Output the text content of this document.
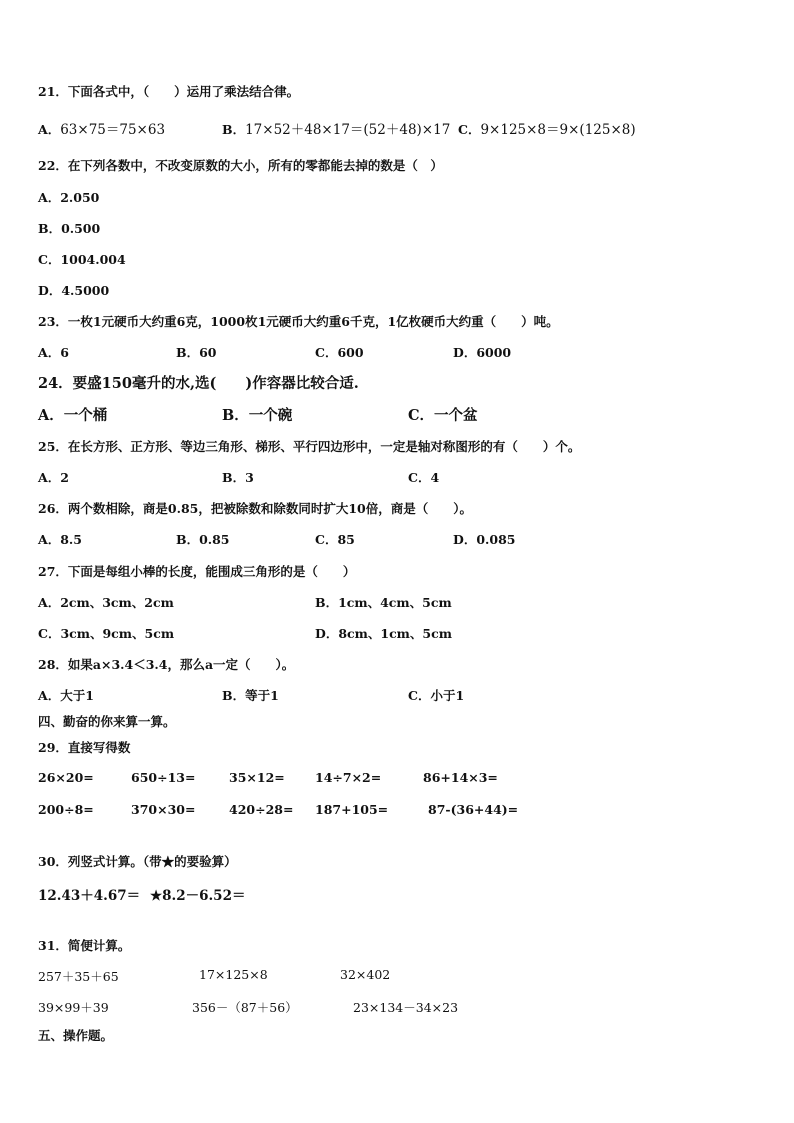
21．下面各式中，（　　）运用了乘法结合律。
A．63×75＝75×63	B．17×52＋48×17＝(52＋48)×17 C．9×125×8＝9×(125×8)
22．在下列各数中，不改变原数的大小，所有的零都能去掉的数是（　）
A．2.050
B．0.500
C．1004.004
D．4.5000
23．一枚1元硬币大约重6克，1000枚1元硬币大约重6千克，1亿枚硬币大约重（　　）吨。
A．6	B．60	C．600	D．6000
24．要盛150毫升的水,选(　　)作容器比较合适.
A．一个桶	B．一个碗	C．一个盆
25．在长方形、正方形、等边三角形、梯形、平行四边形中，一定是轴对称图形的有（　　）个。
A．2	B．3	C．4
26．两个数相除，商是0.85，把被除数和除数同时扩大10倍，商是（　　）。
A．8.5	B．0.85	C．85	D．0.085
27．下面是每组小棒的长度，能围成三角形的是（　　）
A．2cm、3cm、2cm	B．1cm、4cm、5cm
C．3cm、9cm、5cm	D．8cm、1cm、5cm
28．如果a×3.4＜3.4，那么a一定（　　）。
A．大于1	B．等于1	C．小于1
四、勤奋的你来算一算。
29．直接写得数
26×20=	650÷13=	35×12= 14÷7×2=	86+14×3=
200÷8=	370×30=	420÷28= 187+105=	87-(36+44)=
30．列竖式计算。（带★的要验算）
12.43＋4.67＝ ★8.2－6.52＝
31．简便计算。
257＋35＋65	17×125×8	32×402
39×99＋39	356－（87＋56）	23×134－34×23
五、操作题。
